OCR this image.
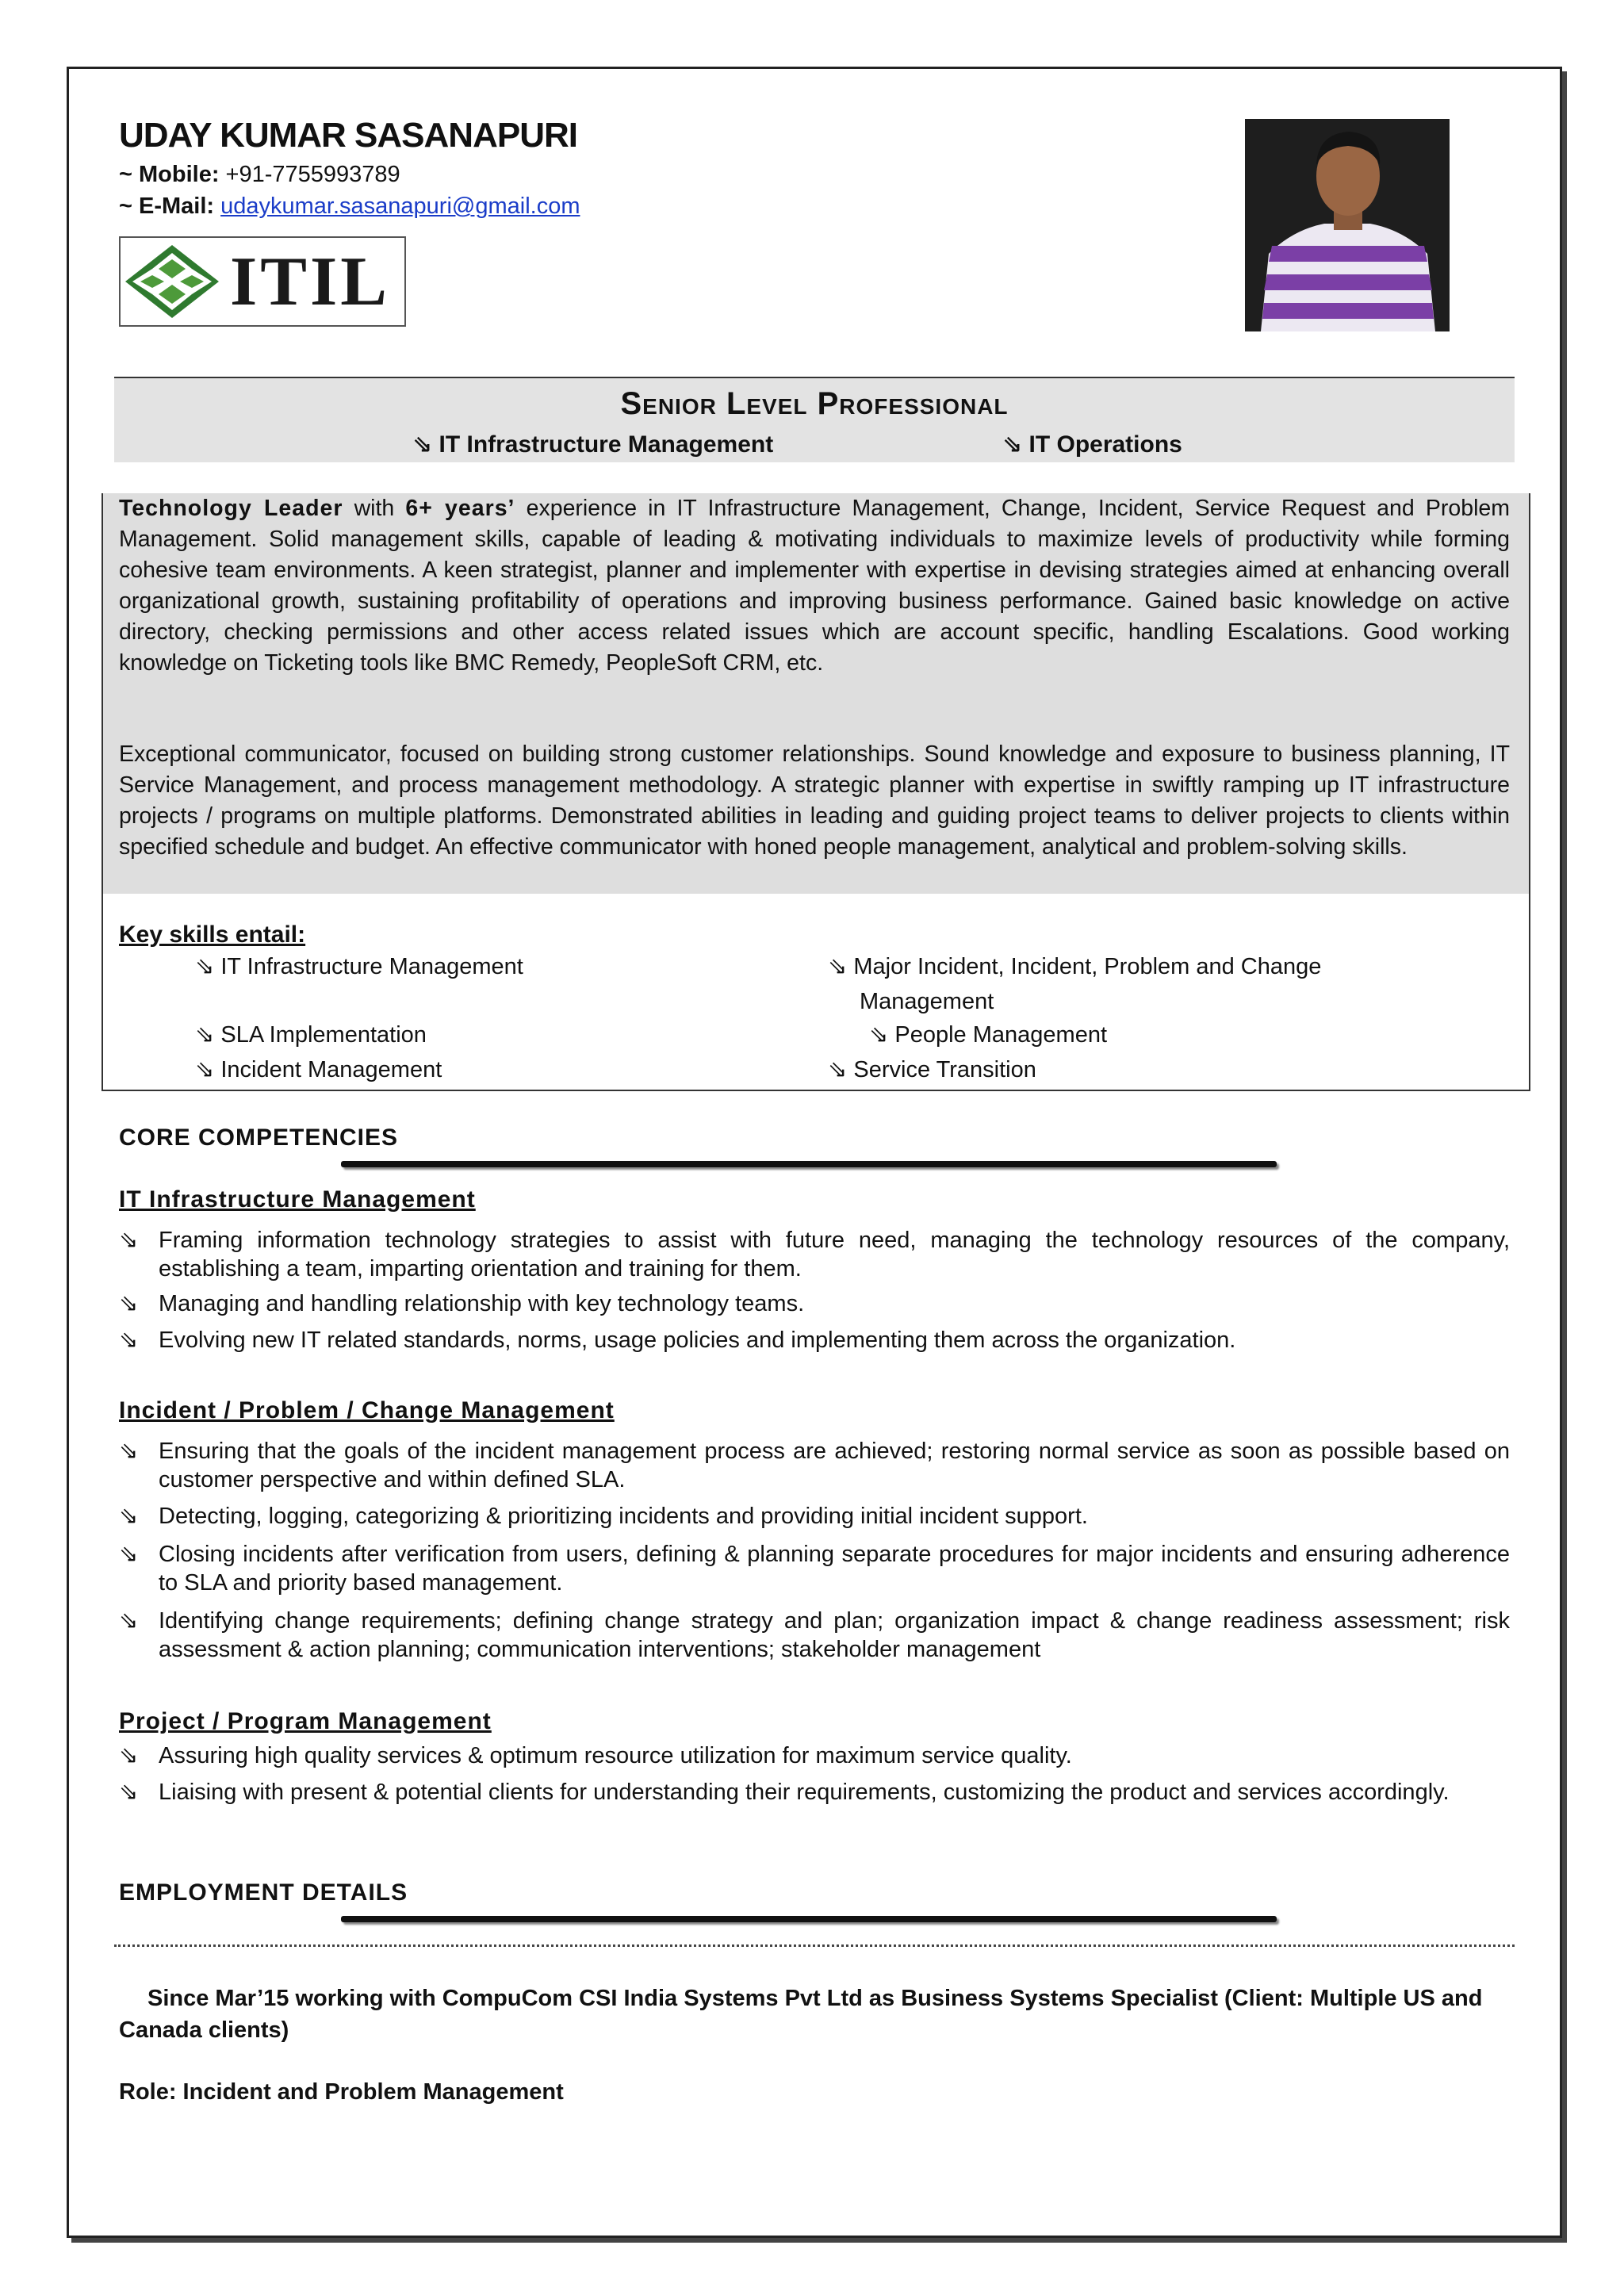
UDAY KUMAR SASANAPURI
~ Mobile: +91-7755993789
~ E-Mail: udaykumar.sasanapuri@gmail.com
ITIL
Senior Level Professional
⇘ IT Infrastructure Management	⇘ IT Operations
Technology Leader with 6+ years’ experience in IT Infrastructure Management, Change, Incident, Service Request and Problem Management. Solid management skills, capable of leading & motivating individuals to maximize levels of productivity while forming cohesive team environments. A keen strategist, planner and implementer with expertise in devising strategies aimed at enhancing overall organizational growth, sustaining profitability of operations and improving business performance. Gained basic knowledge on active directory, checking permissions and other access related issues which are account specific, handling Escalations. Good working knowledge on Ticketing tools like BMC Remedy, PeopleSoft CRM, etc.
Exceptional communicator, focused on building strong customer relationships. Sound knowledge and exposure to business planning, IT Service Management, and process management methodology. A strategic planner with expertise in swiftly ramping up IT infrastructure projects / programs on multiple platforms. Demonstrated abilities in leading and guiding project teams to deliver projects to clients within specified schedule and budget. An effective communicator with honed people management, analytical and problem-solving skills.
Key skills entail:
⇘ IT Infrastructure Management
⇘ SLA Implementation
⇘ Incident Management
⇘ Major Incident, Incident, Problem and Change
Management
⇘ People Management
⇘ Service Transition
CORE COMPETENCIES
IT Infrastructure Management
⇘ Framing information technology strategies to assist with future need, managing the technology resources of the company, establishing a team, imparting orientation and training for them.
⇘ Managing and handling relationship with key technology teams.
⇘ Evolving new IT related standards, norms, usage policies and implementing them across the organization.
Incident / Problem / Change Management
⇘ Ensuring that the goals of the incident management process are achieved; restoring normal service as soon as possible based on customer perspective and within defined SLA.
⇘ Detecting, logging, categorizing & prioritizing incidents and providing initial incident support.
⇘ Closing incidents after verification from users, defining & planning separate procedures for major incidents and ensuring adherence to SLA and priority based management.
⇘ Identifying change requirements; defining change strategy and plan; organization impact & change readiness assessment; risk assessment & action planning; communication interventions; stakeholder management
Project / Program Management
⇘ Assuring high quality services & optimum resource utilization for maximum service quality.
⇘ Liaising with present & potential clients for understanding their requirements, customizing the product and services accordingly.
EMPLOYMENT DETAILS
Since Mar’15 working with CompuCom CSI India Systems Pvt Ltd as Business Systems Specialist (Client: Multiple US and Canada clients)
Role: Incident and Problem Management
